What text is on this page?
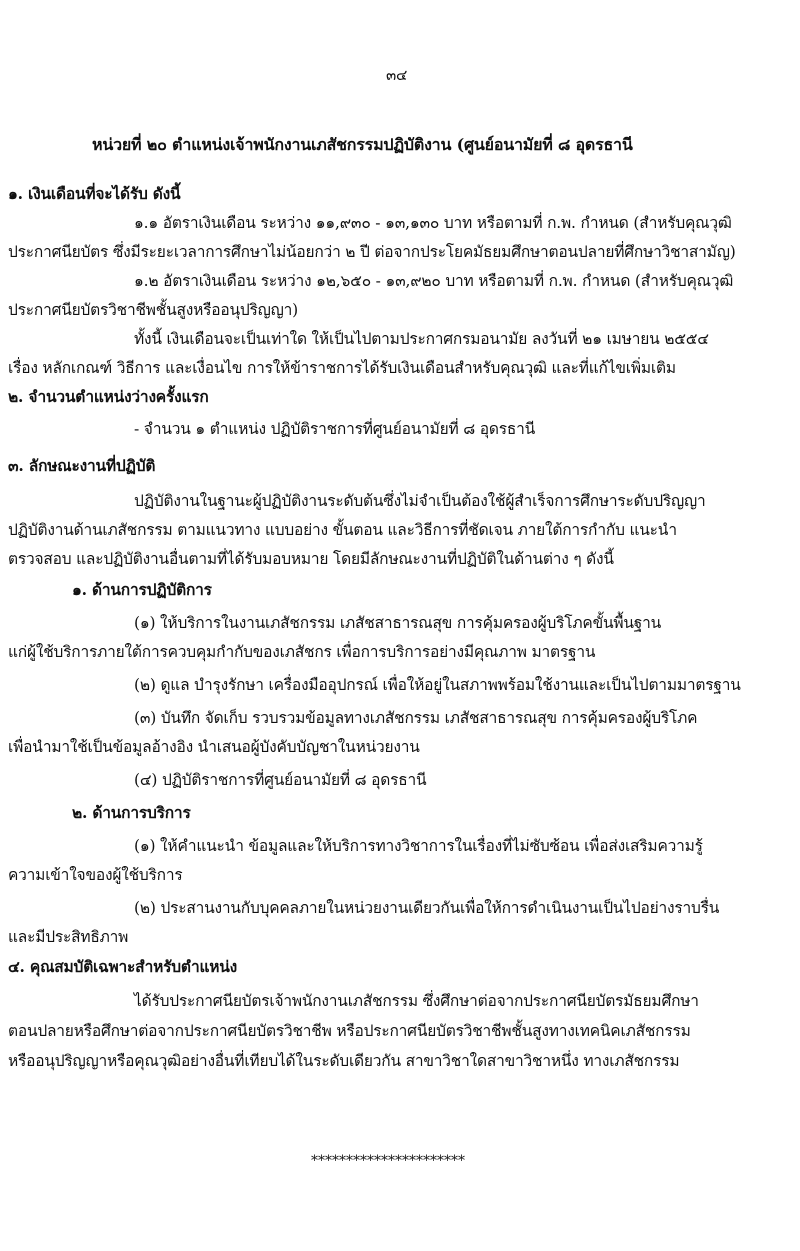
๓๔
หน่วยที่ ๒๐ ตำแหน่งเจ้าพนักงานเภสัชกรรมปฏิบัติงาน (ศูนย์อนามัยที่ ๘ อุดรธานี
๑. เงินเดือนที่จะได้รับ ดังนี้
๑.๑ อัตราเงินเดือน ระหว่าง ๑๑,๙๓๐ - ๑๓,๑๓๐ บาท หรือตามที่ ก.พ. กำหนด (สำหรับคุณวุฒิ
ประกาศนียบัตร ซึ่งมีระยะเวลาการศึกษาไม่น้อยกว่า ๒ ปี ต่อจากประโยคมัธยมศึกษาตอนปลายที่ศึกษาวิชาสามัญ)
๑.๒ อัตราเงินเดือน ระหว่าง ๑๒,๖๕๐ - ๑๓,๙๒๐ บาท หรือตามที่ ก.พ. กำหนด (สำหรับคุณวุฒิ
ประกาศนียบัตรวิชาชีพชั้นสูงหรืออนุปริญญา)
ทั้งนี้ เงินเดือนจะเป็นเท่าใด ให้เป็นไปตามประกาศกรมอนามัย ลงวันที่ ๒๑ เมษายน ๒๕๕๔
เรื่อง หลักเกณฑ์ วิธีการ และเงื่อนไข การให้ข้าราชการได้รับเงินเดือนสำหรับคุณวุฒิ และที่แก้ไขเพิ่มเติม
๒. จำนวนตำแหน่งว่างครั้งแรก
- จำนวน ๑ ตำแหน่ง ปฏิบัติราชการที่ศูนย์อนามัยที่ ๘ อุดรธานี
๓. ลักษณะงานที่ปฏิบัติ
ปฏิบัติงานในฐานะผู้ปฏิบัติงานระดับต้นซึ่งไม่จำเป็นต้องใช้ผู้สำเร็จการศึกษาระดับปริญญา
ปฏิบัติงานด้านเภสัชกรรม ตามแนวทาง แบบอย่าง ขั้นตอน และวิธีการที่ชัดเจน ภายใต้การกำกับ แนะนำ
ตรวจสอบ และปฏิบัติงานอื่นตามที่ได้รับมอบหมาย โดยมีลักษณะงานที่ปฏิบัติในด้านต่าง ๆ ดังนี้
๑. ด้านการปฏิบัติการ
(๑) ให้บริการในงานเภสัชกรรม เภสัชสาธารณสุข การคุ้มครองผู้บริโภคขั้นพื้นฐาน
แก่ผู้ใช้บริการภายใต้การควบคุมกำกับของเภสัชกร เพื่อการบริการอย่างมีคุณภาพ มาตรฐาน
(๒) ดูแล บำรุงรักษา เครื่องมืออุปกรณ์ เพื่อให้อยู่ในสภาพพร้อมใช้งานและเป็นไปตามมาตรฐาน
(๓) บันทึก จัดเก็บ รวบรวมข้อมูลทางเภสัชกรรม เภสัชสาธารณสุข การคุ้มครองผู้บริโภค
เพื่อนำมาใช้เป็นข้อมูลอ้างอิง นำเสนอผู้บังคับบัญชาในหน่วยงาน
(๔) ปฏิบัติราชการที่ศูนย์อนามัยที่ ๘ อุดรธานี
๒. ด้านการบริการ
(๑) ให้คำแนะนำ ข้อมูลและให้บริการทางวิชาการในเรื่องที่ไม่ซับซ้อน เพื่อส่งเสริมความรู้
ความเข้าใจของผู้ใช้บริการ
(๒) ประสานงานกับบุคคลภายในหน่วยงานเดียวกันเพื่อให้การดำเนินงานเป็นไปอย่างราบรื่น
และมีประสิทธิภาพ
๔. คุณสมบัติเฉพาะสำหรับตำแหน่ง
ได้รับประกาศนียบัตรเจ้าพนักงานเภสัชกรรม ซึ่งศึกษาต่อจากประกาศนียบัตรมัธยมศึกษา
ตอนปลายหรือศึกษาต่อจากประกาศนียบัตรวิชาชีพ หรือประกาศนียบัตรวิชาชีพชั้นสูงทางเทคนิคเภสัชกรรม
หรืออนุปริญญาหรือคุณวุฒิอย่างอื่นที่เทียบได้ในระดับเดียวกัน สาขาวิชาใดสาขาวิชาหนึ่ง ทางเภสัชกรรม
**********************
